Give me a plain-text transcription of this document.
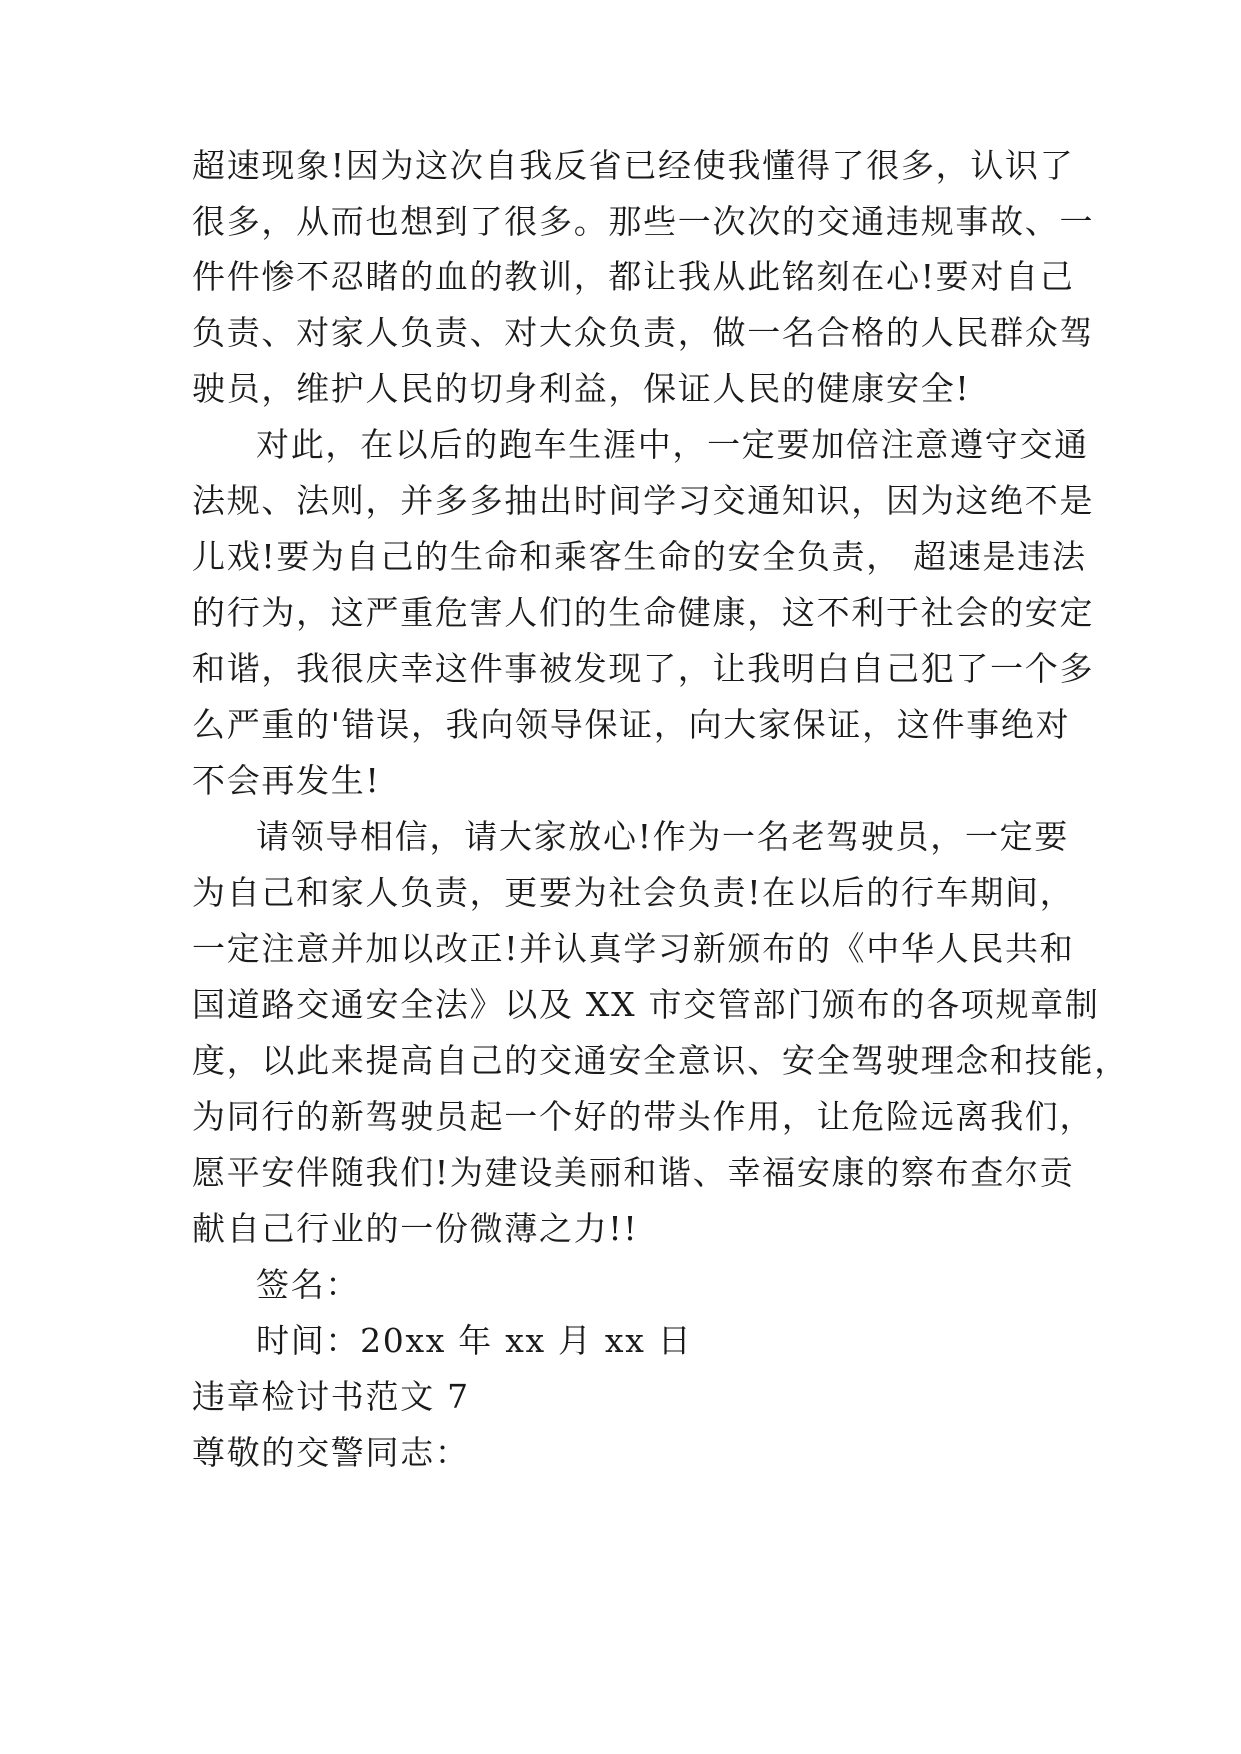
超速现象!因为这次自我反省已经使我懂得了很多，认识了
很多，从而也想到了很多。那些一次次的交通违规事故、一
件件惨不忍睹的血的教训，都让我从此铭刻在心!要对自己
负责、对家人负责、对大众负责，做一名合格的人民群众驾
驶员，维护人民的切身利益，保证人民的健康安全!
对此，在以后的跑车生涯中，一定要加倍注意遵守交通
法规、法则，并多多抽出时间学习交通知识，因为这绝不是
儿戏!要为自己的生命和乘客生命的安全负责， 超速是违法
的行为，这严重危害人们的生命健康，这不利于社会的安定
和谐，我很庆幸这件事被发现了，让我明白自己犯了一个多
么严重的'错误，我向领导保证，向大家保证，这件事绝对
不会再发生!
请领导相信，请大家放心!作为一名老驾驶员，一定要
为自己和家人负责，更要为社会负责!在以后的行车期间，
一定注意并加以改正!并认真学习新颁布的《中华人民共和
国道路交通安全法》以及 XX 市交管部门颁布的各项规章制
度，以此来提高自己的交通安全意识、安全驾驶理念和技能，
为同行的新驾驶员起一个好的带头作用，让危险远离我们，
愿平安伴随我们!为建设美丽和谐、幸福安康的察布查尔贡
献自己行业的一份微薄之力!!
签名：
时间：20xx 年 xx 月 xx 日
违章检讨书范文 7
尊敬的交警同志：
